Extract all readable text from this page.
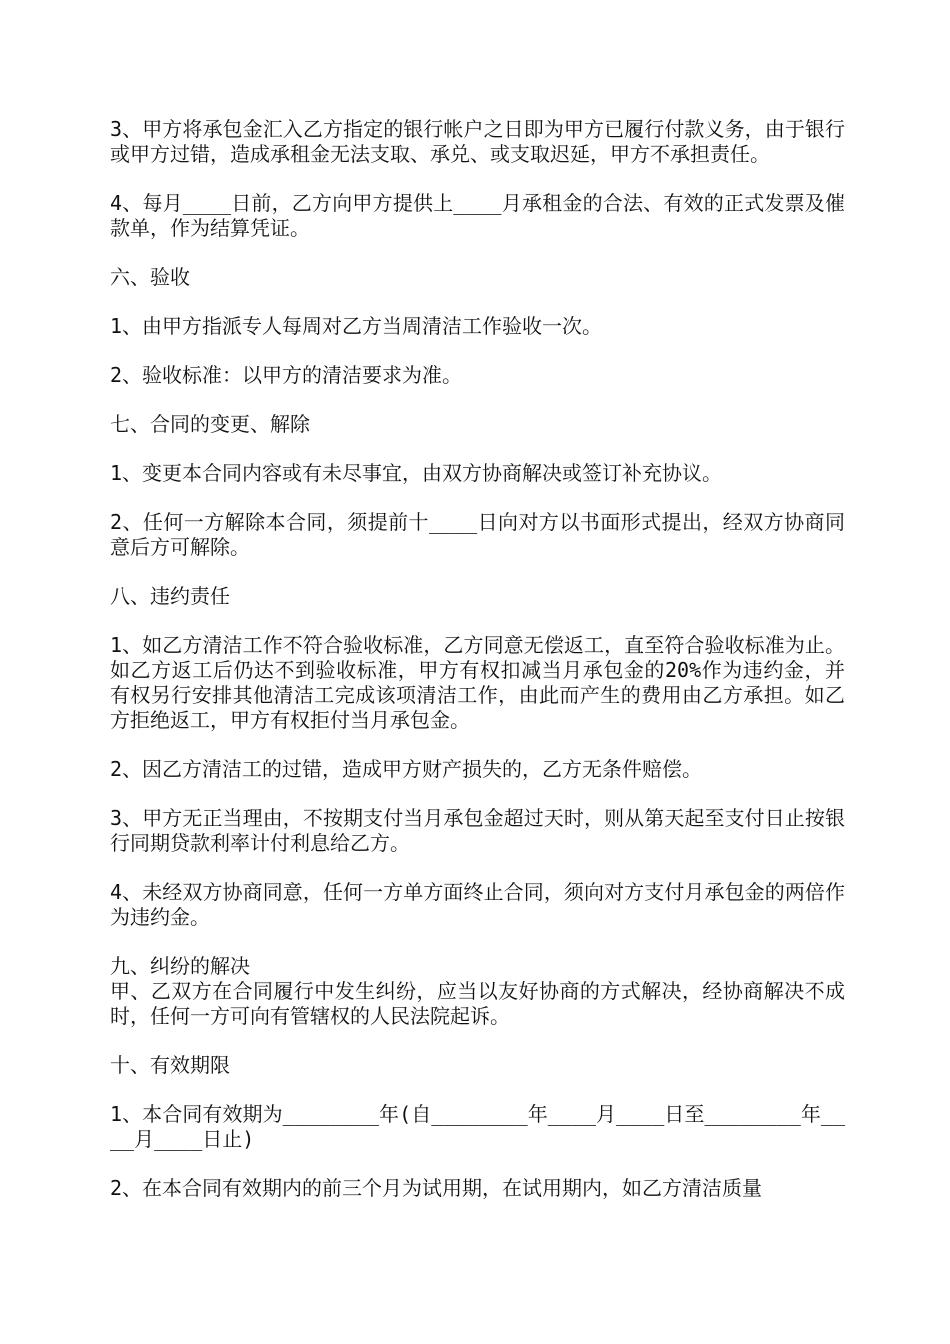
3、甲方将承包金汇入乙方指定的银行帐户之日即为甲方已履行付款义务，由于银行或甲方过错，造成承租金无法支取、承兑、或支取迟延，甲方不承担责任。

4、每月____日前，乙方向甲方提供上____月承租金的合法、有效的正式发票及催款单，作为结算凭证。

六、验收

1、由甲方指派专人每周对乙方当周清洁工作验收一次。

2、验收标准：以甲方的清洁要求为准。

七、合同的变更、解除

1、变更本合同内容或有未尽事宜，由双方协商解决或签订补充协议。

2、任何一方解除本合同，须提前十____日向对方以书面形式提出，经双方协商同意后方可解除。

八、违约责任

1、如乙方清洁工作不符合验收标准，乙方同意无偿返工，直至符合验收标准为止。如乙方返工后仍达不到验收标准，甲方有权扣减当月承包金的20%作为违约金，并有权另行安排其他清洁工完成该项清洁工作，由此而产生的费用由乙方承担。如乙方拒绝返工，甲方有权拒付当月承包金。

2、因乙方清洁工的过错，造成甲方财产损失的，乙方无条件赔偿。

3、甲方无正当理由，不按期支付当月承包金超过天时，则从第天起至支付日止按银行同期贷款利率计付利息给乙方。

4、未经双方协商同意，任何一方单方面终止合同，须向对方支付月承包金的两倍作为违约金。

九、纠纷的解决

甲、乙双方在合同履行中发生纠纷，应当以友好协商的方式解决，经协商解决不成时，任何一方可向有管辖权的人民法院起诉。

十、有效期限

1、本合同有效期为________年(自________年____月____日至________年____月____日止)

2、在本合同有效期内的前三个月为试用期，在试用期内，如乙方清洁质量
